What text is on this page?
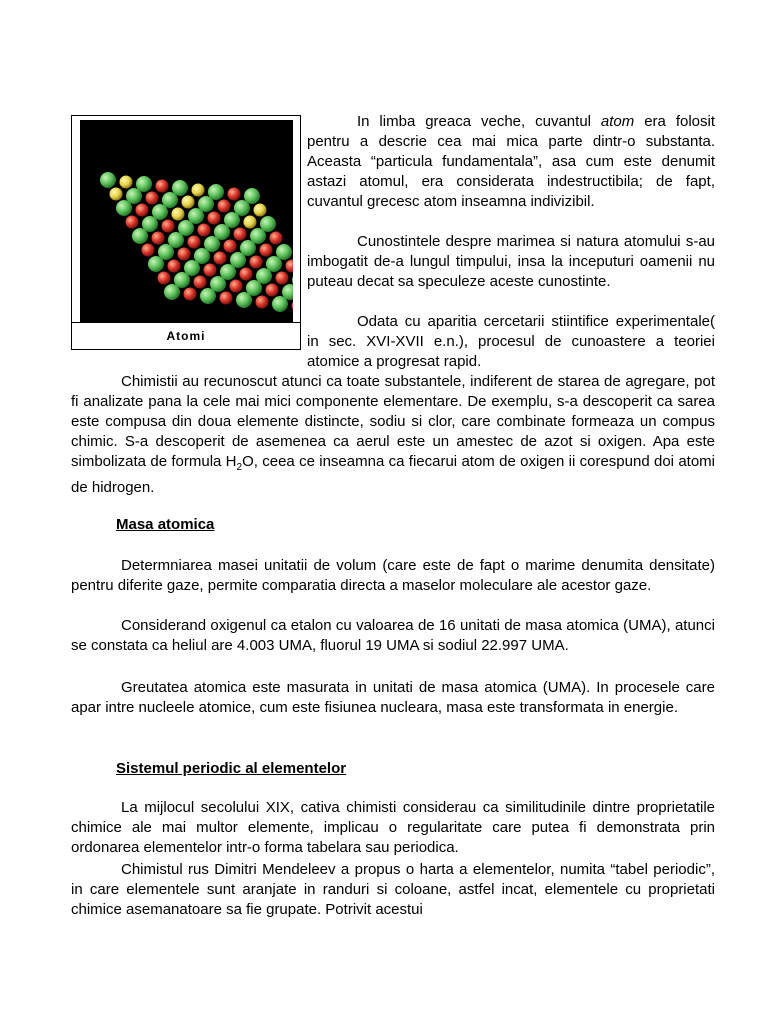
Atomi

In limba greaca veche, cuvantul atom era folosit pentru a descrie cea mai mica parte dintr-o substanta. Aceasta “particula fundamentala”, asa cum este denumit astazi atomul, era considerata indestructibila; de fapt, cuvantul grecesc atom inseamna indivizibil.

Cunostintele despre marimea si natura atomului s-au imbogatit de-a lungul timpului, insa la inceputuri oamenii nu puteau decat sa speculeze aceste cunostinte.

Odata cu aparitia cercetarii stiintifice experimentale( in sec. XVI-XVII e.n.), procesul de cunoastere a teoriei atomice a progresat rapid.

Chimistii au recunoscut atunci ca toate substantele, indiferent de starea de agregare, pot fi analizate pana la cele mai mici componente elementare. De exemplu, s-a descoperit ca sarea este compusa din doua elemente distincte, sodiu si clor, care combinate formeaza un compus chimic. S-a descoperit de asemenea ca aerul este un amestec de azot si oxigen. Apa este simbolizata de formula $H_2O$, ceea ce inseamna ca fiecarui atom de oxigen ii corespund doi atomi de hidrogen.

Masa atomica

Determniarea masei unitatii de volum (care este de fapt o marime denumita densitate) pentru diferite gaze, permite comparatia directa a maselor moleculare ale acestor gaze.

Considerand oxigenul ca etalon cu valoarea de 16 unitati de masa atomica (UMA), atunci se constata ca heliul are 4.003 UMA, fluorul 19 UMA si sodiul 22.997 UMA.

Greutatea atomica este masurata in unitati de masa atomica (UMA). In procesele care apar intre nucleele atomice, cum este fisiunea nucleara, masa este transformata in energie.

Sistemul periodic al elementelor

La mijlocul secolului XIX, cativa chimisti considerau ca similitudinile dintre proprietatile chimice ale mai multor elemente, implicau o regularitate care putea fi demonstrata prin ordonarea elementelor intr-o forma tabelara sau periodica.

Chimistul rus Dimitri Mendeleev a propus o harta a elementelor, numita “tabel periodic”, in care elementele sunt aranjate in randuri si coloane, astfel incat, elementele cu proprietati chimice asemanatoare sa fie grupate. Potrivit acestui
